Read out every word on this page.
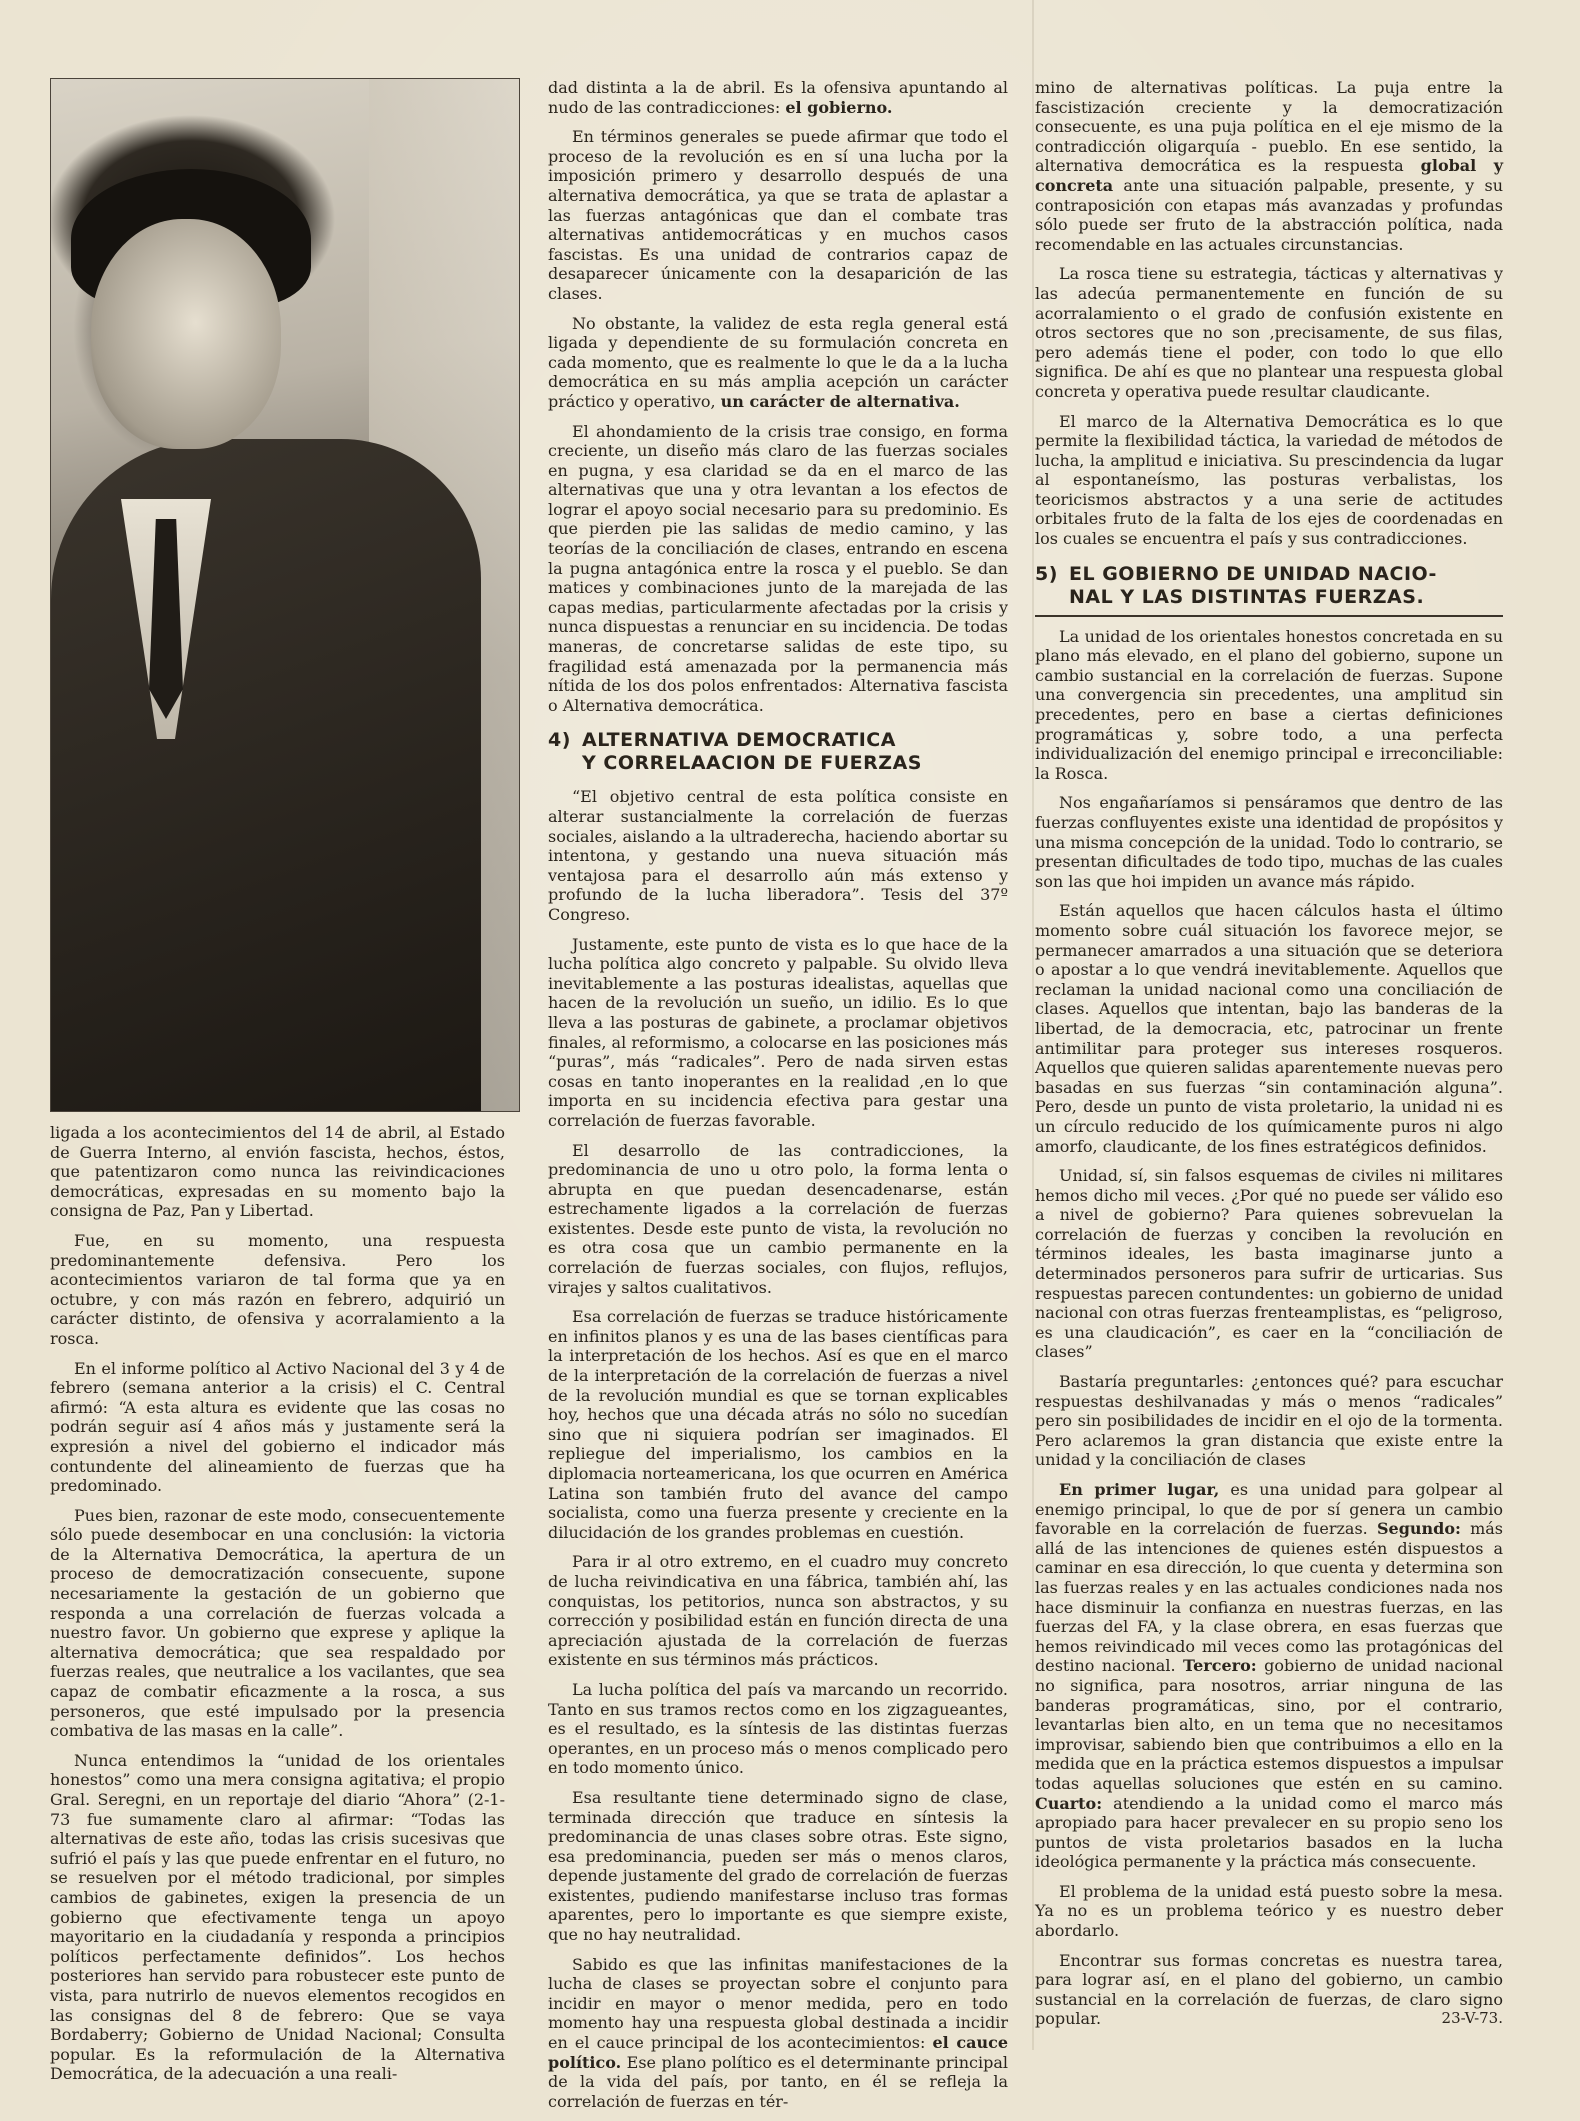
ligada a los acontecimientos del 14 de abril, al Estado de Guerra Interno, al envión fascista, hechos, éstos, que patentizaron como nunca las reivindicaciones democráticas, expresadas en su momento bajo la consigna de Paz, Pan y Libertad.

Fue, en su momento, una respuesta predominantemente defensiva. Pero los acontecimientos variaron de tal forma que ya en octubre, y con más razón en febrero, adquirió un carácter distinto, de ofensiva y acorralamiento a la rosca.

En el informe político al Activo Nacional del 3 y 4 de febrero (semana anterior a la crisis) el C. Central afirmó: “A esta altura es evidente que las cosas no podrán seguir así 4 años más y justamente será la expresión a nivel del gobierno el indicador más contundente del alineamiento de fuerzas que ha predominado.

Pues bien, razonar de este modo, consecuentemente sólo puede desembocar en una conclusión: la victoria de la Alternativa Democrática, la apertura de un proceso de democratización consecuente, supone necesariamente la gestación de un gobierno que responda a una correlación de fuerzas volcada a nuestro favor. Un gobierno que exprese y aplique la alternativa democrática; que sea respaldado por fuerzas reales, que neutralice a los vacilantes, que sea capaz de combatir eficazmente a la rosca, a sus personeros, que esté impulsado por la presencia combativa de las masas en la calle”.

Nunca entendimos la “unidad de los orientales honestos” como una mera consigna agitativa; el propio Gral. Seregni, en un reportaje del diario “Ahora” (2-1-73 fue sumamente claro al afirmar: “Todas las alternativas de este año, todas las crisis sucesivas que sufrió el país y las que puede enfrentar en el futuro, no se resuelven por el método tradicional, por simples cambios de gabinetes, exigen la presencia de un gobierno que efectivamente tenga un apoyo mayoritario en la ciudadanía y responda a principios políticos perfectamente definidos”. Los hechos posteriores han servido para robustecer este punto de vista, para nutrirlo de nuevos elementos recogidos en las consignas del 8 de febrero: Que se vaya Bordaberry; Gobierno de Unidad Nacional; Consulta popular. Es la reformulación de la Alternativa Democrática, de la adecuación a una reali-

dad distinta a la de abril. Es la ofensiva apuntando al nudo de las contradicciones: el gobierno.

En términos generales se puede afirmar que todo el proceso de la revolución es en sí una lucha por la imposición primero y desarrollo después de una alternativa democrática, ya que se trata de aplastar a las fuerzas antagónicas que dan el combate tras alternativas antidemocráticas y en muchos casos fascistas. Es una unidad de contrarios capaz de desaparecer únicamente con la desaparición de las clases.

No obstante, la validez de esta regla general está ligada y dependiente de su formulación concreta en cada momento, que es realmente lo que le da a la lucha democrática en su más amplia acepción un carácter práctico y operativo, un carácter de alternativa.

El ahondamiento de la crisis trae consigo, en forma creciente, un diseño más claro de las fuerzas sociales en pugna, y esa claridad se da en el marco de las alternativas que una y otra levantan a los efectos de lograr el apoyo social necesario para su predominio. Es que pierden pie las salidas de medio camino, y las teorías de la conciliación de clases, entrando en escena la pugna antagónica entre la rosca y el pueblo. Se dan matices y combinaciones junto de la marejada de las capas medias, particularmente afectadas por la crisis y nunca dispuestas a renunciar en su incidencia. De todas maneras, de concretarse salidas de este tipo, su fragilidad está amenazada por la permanencia más nítida de los dos polos enfrentados: Alternativa fascista o Alternativa democrática.

4) ALTERNATIVA DEMOCRATICA
Y CORRELAACION DE FUERZAS

“El objetivo central de esta política consiste en alterar sustancialmente la correlación de fuerzas sociales, aislando a la ultraderecha, haciendo abortar su intentona, y gestando una nueva situación más ventajosa para el desarrollo aún más extenso y profundo de la lucha liberadora”. Tesis del 37º Congreso.

Justamente, este punto de vista es lo que hace de la lucha política algo concreto y palpable. Su olvido lleva inevitablemente a las posturas idealistas, aquellas que hacen de la revolución un sueño, un idilio. Es lo que lleva a las posturas de gabinete, a proclamar objetivos finales, al reformismo, a colocarse en las posiciones más “puras”, más “radicales”. Pero de nada sirven estas cosas en tanto inoperantes en la realidad ,en lo que importa en su incidencia efectiva para gestar una correlación de fuerzas favorable.

El desarrollo de las contradicciones, la predominancia de uno u otro polo, la forma lenta o abrupta en que puedan desencadenarse, están estrechamente ligados a la correlación de fuerzas existentes. Desde este punto de vista, la revolución no es otra cosa que un cambio permanente en la correlación de fuerzas sociales, con flujos, reflujos, virajes y saltos cualitativos.

Esa correlación de fuerzas se traduce históricamente en infinitos planos y es una de las bases científicas para la interpretación de los hechos. Así es que en el marco de la interpretación de la correlación de fuerzas a nivel de la revolución mundial es que se tornan explicables hoy, hechos que una década atrás no sólo no sucedían sino que ni siquiera podrían ser imaginados. El repliegue del imperialismo, los cambios en la diplomacia norteamericana, los que ocurren en América Latina son también fruto del avance del campo socialista, como una fuerza presente y creciente en la dilucidación de los grandes problemas en cuestión.

Para ir al otro extremo, en el cuadro muy concreto de lucha reivindicativa en una fábrica, también ahí, las conquistas, los petitorios, nunca son abstractos, y su corrección y posibilidad están en función directa de una apreciación ajustada de la correlación de fuerzas existente en sus términos más prácticos.

La lucha política del país va marcando un recorrido. Tanto en sus tramos rectos como en los zigzagueantes, es el resultado, es la síntesis de las distintas fuerzas operantes, en un proceso más o menos complicado pero en todo momento único.

Esa resultante tiene determinado signo de clase, terminada dirección que traduce en síntesis la predominancia de unas clases sobre otras. Este signo, esa predominancia, pueden ser más o menos claros, depende justamente del grado de correlación de fuerzas existentes, pudiendo manifestarse incluso tras formas aparentes, pero lo importante es que siempre existe, que no hay neutralidad.

Sabido es que las infinitas manifestaciones de la lucha de clases se proyectan sobre el conjunto para incidir en mayor o menor medida, pero en todo momento hay una respuesta global destinada a incidir en el cauce principal de los acontecimientos: el cauce político. Ese plano político es el determinante principal de la vida del país, por tanto, en él se refleja la correlación de fuerzas en tér-

mino de alternativas políticas. La puja entre la fascistización creciente y la democratización consecuente, es una puja política en el eje mismo de la contradicción oligarquía - pueblo. En ese sentido, la alternativa democrática es la respuesta global y concreta ante una situación palpable, presente, y su contraposición con etapas más avanzadas y profundas sólo puede ser fruto de la abstracción política, nada recomendable en las actuales circunstancias.

La rosca tiene su estrategia, tácticas y alternativas y las adecúa permanentemente en función de su acorralamiento o el grado de confusión existente en otros sectores que no son ,precisamente, de sus filas, pero además tiene el poder, con todo lo que ello significa. De ahí es que no plantear una respuesta global concreta y operativa puede resultar claudicante.

El marco de la Alternativa Democrática es lo que permite la flexibilidad táctica, la variedad de métodos de lucha, la amplitud e iniciativa. Su prescindencia da lugar al espontaneísmo, las posturas verbalistas, los teoricismos abstractos y a una serie de actitudes orbitales fruto de la falta de los ejes de coordenadas en los cuales se encuentra el país y sus contradicciones.

5) EL GOBIERNO DE UNIDAD NACIO-
NAL Y LAS DISTINTAS FUERZAS.

La unidad de los orientales honestos concretada en su plano más elevado, en el plano del gobierno, supone un cambio sustancial en la correlación de fuerzas. Supone una convergencia sin precedentes, una amplitud sin precedentes, pero en base a ciertas definiciones programáticas y, sobre todo, a una perfecta individualización del enemigo principal e irreconciliable: la Rosca.

Nos engañaríamos si pensáramos que dentro de las fuerzas confluyentes existe una identidad de propósitos y una misma concepción de la unidad. Todo lo contrario, se presentan dificultades de todo tipo, muchas de las cuales son las que hoi impiden un avance más rápido.

Están aquellos que hacen cálculos hasta el último momento sobre cuál situación los favorece mejor, se permanecer amarrados a una situación que se deteriora o apostar a lo que vendrá inevitablemente. Aquellos que reclaman la unidad nacional como una conciliación de clases. Aquellos que intentan, bajo las banderas de la libertad, de la democracia, etc, patrocinar un frente antimilitar para proteger sus intereses rosqueros. Aquellos que quieren salidas aparentemente nuevas pero basadas en sus fuerzas “sin contaminación alguna”. Pero, desde un punto de vista proletario, la unidad ni es un círculo reducido de los químicamente puros ni algo amorfo, claudicante, de los fines estratégicos definidos.

Unidad, sí, sin falsos esquemas de civiles ni militares hemos dicho mil veces. ¿Por qué no puede ser válido eso a nivel de gobierno? Para quienes sobrevuelan la correlación de fuerzas y conciben la revolución en términos ideales, les basta imaginarse junto a determinados personeros para sufrir de urticarias. Sus respuestas parecen contundentes: un gobierno de unidad nacional con otras fuerzas frenteamplistas, es “peligroso, es una claudicación”, es caer en la “conciliación de clases”

Bastaría preguntarles: ¿entonces qué? para escuchar respuestas deshilvanadas y más o menos “radicales” pero sin posibilidades de incidir en el ojo de la tormenta. Pero aclaremos la gran distancia que existe entre la unidad y la conciliación de clases

En primer lugar, es una unidad para golpear al enemigo principal, lo que de por sí genera un cambio favorable en la correlación de fuerzas. Segundo: más allá de las intenciones de quienes estén dispuestos a caminar en esa dirección, lo que cuenta y determina son las fuerzas reales y en las actuales condiciones nada nos hace disminuir la confianza en nuestras fuerzas, en las fuerzas del FA, y la clase obrera, en esas fuerzas que hemos reivindicado mil veces como las protagónicas del destino nacional. Tercero: gobierno de unidad nacional no significa, para nosotros, arriar ninguna de las banderas programáticas, sino, por el contrario, levantarlas bien alto, en un tema que no necesitamos improvisar, sabiendo bien que contribuimos a ello en la medida que en la práctica estemos dispuestos a impulsar todas aquellas soluciones que estén en su camino. Cuarto: atendiendo a la unidad como el marco más apropiado para hacer prevalecer en su propio seno los puntos de vista proletarios basados en la lucha ideológica permanente y la práctica más consecuente.

El problema de la unidad está puesto sobre la mesa. Ya no es un problema teórico y es nuestro deber abordarlo.

Encontrar sus formas concretas es nuestra tarea, para lograr así, en el plano del gobierno, un cambio sustancial en la correlación de fuerzas, de claro signo popular.	23-V-73.
